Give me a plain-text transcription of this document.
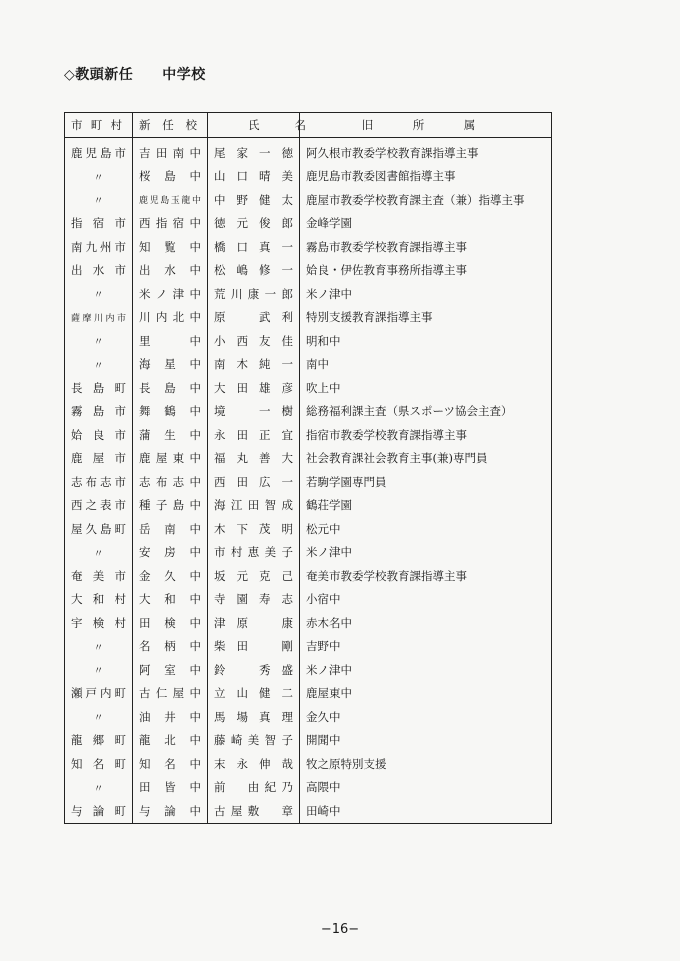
◇教頭新任　　中学校
市町村	新任校	氏　　名	旧　所　属
鹿児島市	吉田南中	尾家一徳	阿久根市教委学校教育課指導主事
〃	桜島中	山口晴美	鹿児島市教委図書館指導主事
〃	鹿児島玉龍中	中野健太	鹿屋市教委学校教育課主査（兼）指導主事
指宿市	西指宿中	徳元俊郎	金峰学園
南九州市	知覧中	橋口真一	霧島市教委学校教育課指導主事
出水市	出水中	松嶋修一	姶良・伊佐教育事務所指導主事
〃	米ノ津中	荒川康一郎	米ノ津中
薩摩川内市	川内北中	原　武利	特別支援教育課指導主事
〃	里中	小西友佳	明和中
〃	海星中	南木純一	南中
長島町	長島中	大田雄彦	吹上中
霧島市	舞鶴中	境　一樹	総務福利課主査（県スポーツ協会主査）
姶良市	蒲生中	永田正宜	指宿市教委学校教育課指導主事
鹿屋市	鹿屋東中	福丸善大	社会教育課社会教育主事(兼)専門員
志布志市	志布志中	西田広一	若駒学園専門員
西之表市	種子島中	海江田智成	鶴荘学園
屋久島町	岳南中	木下茂明	松元中
〃	安房中	市村恵美子	米ノ津中
奄美市	金久中	坂元克己	奄美市教委学校教育課指導主事
大和村	大和中	寺園寿志	小宿中
宇検村	田検中	津原　康	赤木名中
〃	名柄中	柴田　剛	吉野中
〃	阿室中	鈴　秀盛	米ノ津中
瀬戸内町	古仁屋中	立山健二	鹿屋東中
〃	油井中	馬場真理	金久中
龍郷町	龍北中	藤崎美智子	開聞中
知名町	知名中	末永伸哉	牧之原特別支援
〃	田皆中	前　由紀乃	高隈中
与論町	与論中	古屋敷　章	田崎中
−16−
